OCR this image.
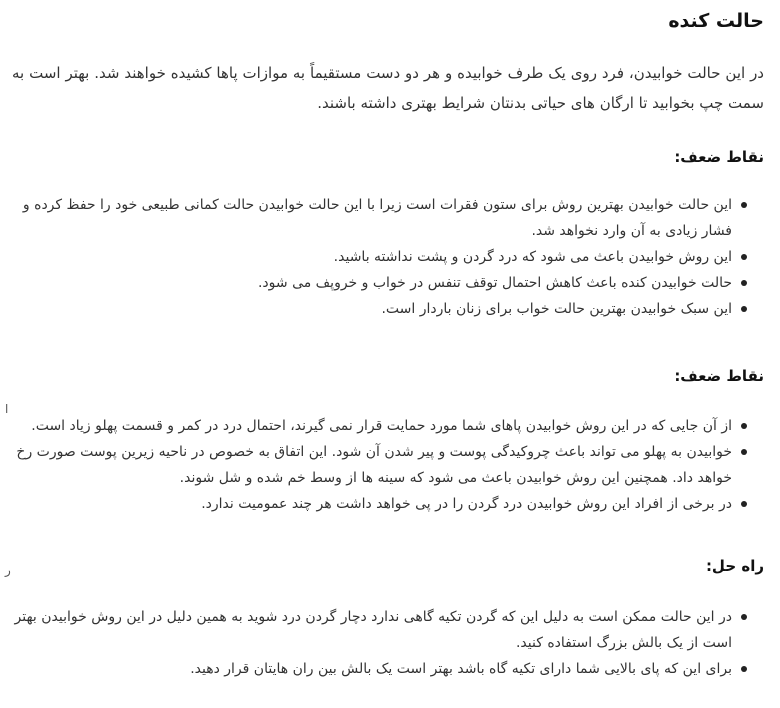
حالت کنده

در این حالت خوابیدن، فرد روی یک طرف خوابیده و هر دو دست مستقیماً به موازات پاها کشیده خواهند شد. بهتر است به سمت چپ بخوابید تا ارگان های حیاتی بدنتان شرایط بهتری داشته باشند.

نقاط ضعف:
این حالت خوابیدن بهترین روش برای ستون فقرات است زیرا با این حالت خوابیدن حالت کمانی طبیعی خود را حفظ کرده و
فشار زیادی به آن وارد نخواهد شد.
این روش خوابیدن باعث می شود که درد گردن و پشت نداشته باشید.
حالت خوابیدن کنده باعث کاهش احتمال توقف تنفس در خواب و خروپف می شود.
این سبک خوابیدن بهترین حالت خواب برای زنان باردار است.
نقاط ضعف:
از آن جایی که در این روش خوابیدن پاهای شما مورد حمایت قرار نمی گیرند، احتمال درد در کمر و قسمت پهلو زیاد است.
خوابیدن به پهلو می تواند باعث چروکیدگی پوست و پیر شدن آن شود. این اتفاق به خصوص در ناحیه زیرین پوست صورت رخ
خواهد داد. همچنین این روش خوابیدن باعث می شود که سینه ها از وسط خم شده و شل شوند.
در برخی از افراد این روش خوابیدن درد گردن را در پی خواهد داشت هر چند عمومیت ندارد.
راه حل:
در این حالت ممکن است به دلیل این که گردن تکیه گاهی ندارد دچار گردن درد شوید به همین دلیل در این روش خوابیدن بهتر
است از یک بالش بزرگ استفاده کنید.
برای این که پای بالایی شما دارای تکیه گاه باشد بهتر است یک بالش بین ران هایتان قرار دهید.
ا
ر
